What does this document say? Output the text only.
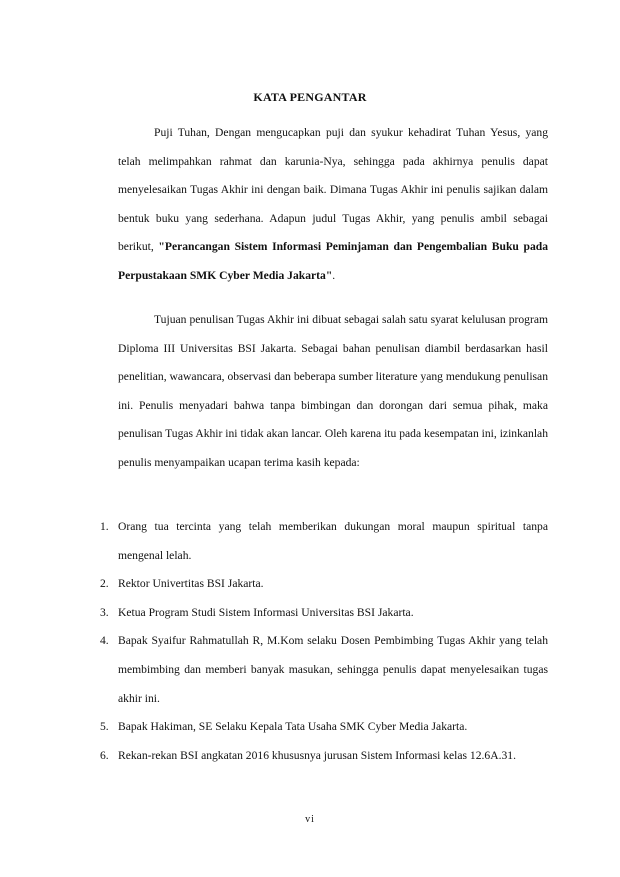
KATA PENGANTAR
Puji Tuhan, Dengan mengucapkan puji dan syukur kehadirat Tuhan Yesus, yang telah melimpahkan rahmat dan karunia-Nya, sehingga pada akhirnya penulis dapat menyelesaikan Tugas Akhir ini dengan baik. Dimana Tugas Akhir ini penulis sajikan dalam bentuk buku yang sederhana. Adapun judul Tugas Akhir, yang penulis ambil sebagai berikut, "Perancangan Sistem Informasi Peminjaman dan Pengembalian Buku pada Perpustakaan SMK Cyber Media Jakarta".
Tujuan penulisan Tugas Akhir ini dibuat sebagai salah satu syarat kelulusan program Diploma III Universitas BSI Jakarta. Sebagai bahan penulisan diambil berdasarkan hasil penelitian, wawancara, observasi dan beberapa sumber literature yang mendukung penulisan ini. Penulis menyadari bahwa tanpa bimbingan dan dorongan dari semua pihak, maka penulisan Tugas Akhir ini tidak akan lancar. Oleh karena itu pada kesempatan ini, izinkanlah penulis menyampaikan ucapan terima kasih kepada:
1. Orang tua tercinta yang telah memberikan dukungan moral maupun spiritual tanpa mengenal lelah.
2. Rektor Univertitas BSI Jakarta.
3. Ketua Program Studi Sistem Informasi Universitas BSI Jakarta.
4. Bapak Syaifur Rahmatullah R, M.Kom selaku Dosen Pembimbing Tugas Akhir yang telah membimbing dan memberi banyak masukan, sehingga penulis dapat menyelesaikan tugas akhir ini.
5. Bapak Hakiman, SE Selaku Kepala Tata Usaha SMK Cyber Media Jakarta.
6. Rekan-rekan BSI angkatan 2016 khususnya jurusan Sistem Informasi kelas 12.6A.31.
vi
